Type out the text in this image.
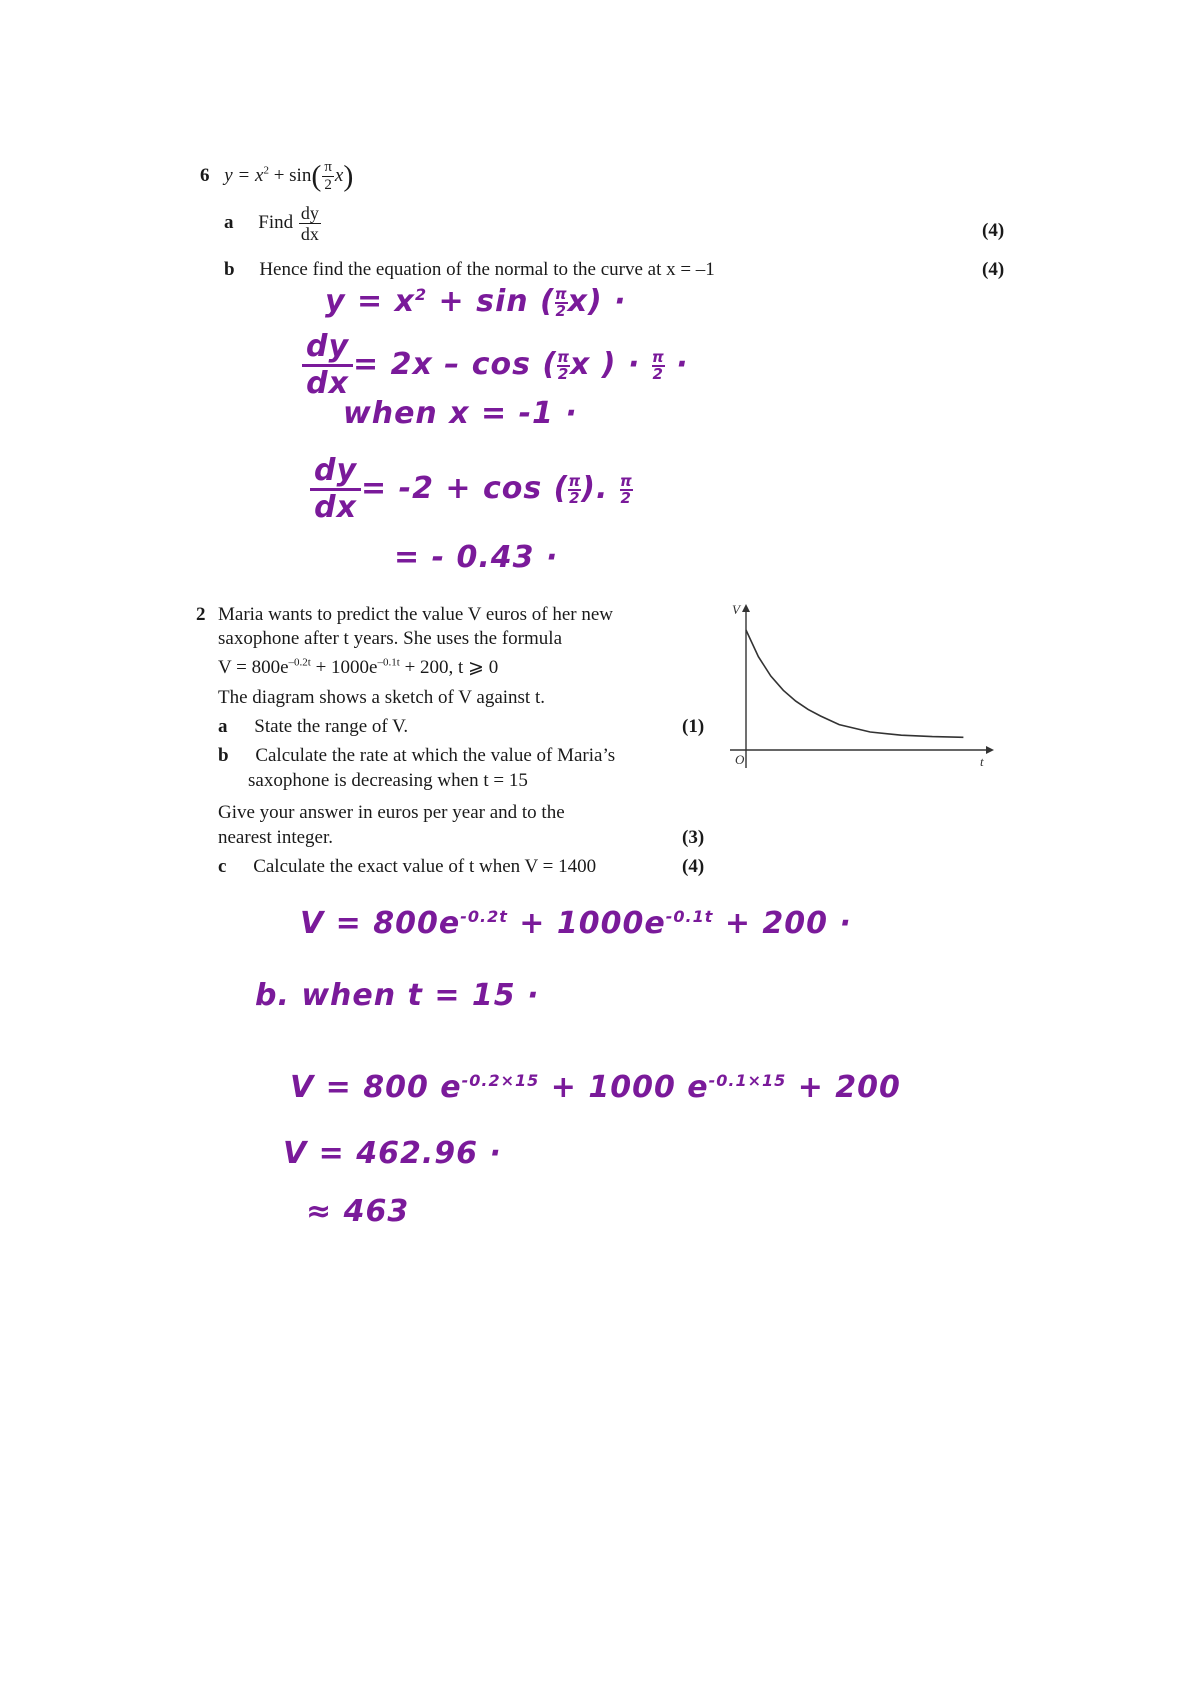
6 $y = x^2 + \sin( \frac{\pi}{2} x)$
a Find $\frac{dy}{dx}$	(4)
b Hence find the equation of the normal to the curve at x = –1	(4)
$y = x^2 + \sin$ ( $\frac{\pi}{2} x$) ·
$\frac{dy}{dx} = 2x - \cos$ ( $\frac{\pi}{2}$ x ) · $\frac{\pi}{2}$ ·
when x = -1 ·
$\frac{dy}{dx} = -2 + \cos$ ( $\frac{\pi}{2}$ ). $\frac{\pi}{2}$
= - 0.43 ·
2 Maria wants to predict the value V euros of her new
saxophone after t years. She uses the formula
$V = 800e^{-0.2t} + 1000e^{-0.1t} + 200$, t ⩾ 0
The diagram shows a sketch of V against t.
a State the range of V.	(1)
b Calculate the rate at which the value of Maria’s
saxophone is decreasing when t = 15
Give your answer in euros per year and to the
nearest integer.	(3)
c Calculate the exact value of t when V = 1400	(4)
V
t
O
$V = 800e^{-0.2t} + 1000e^{-0.1t} + 200$ ·
b. when t = 15 ·
V = 800 $e^{-0.2\times 15} + 1000$ $e^{-0.1\times 15} + 200$
V = 462.96 ·
≈ 463
